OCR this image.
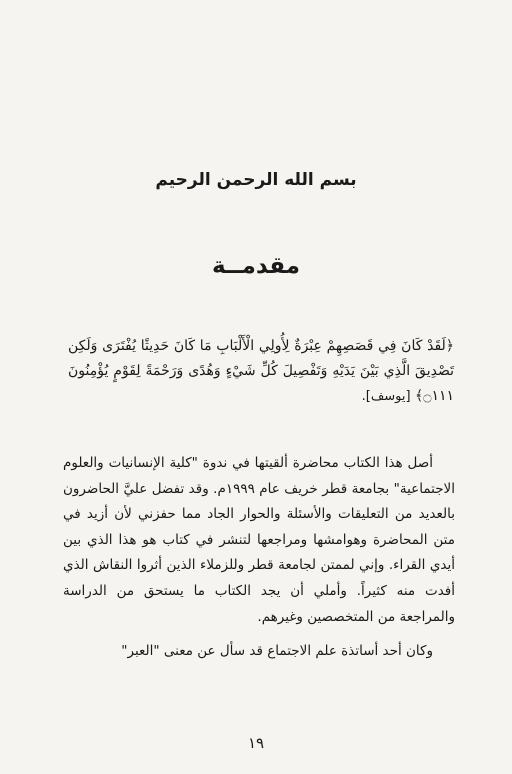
بسم الله الرحمن الرحيم
مقدمــة
﴿لَقَدْ كَانَ فِي قَصَصِهِمْ عِبْرَةٌ لِأُولِي الْأَلْبَابِ مَا كَانَ حَدِيثًا يُفْتَرَى وَلَكِن تَصْدِيقَ الَّذِي بَيْنَ يَدَيْهِ وَتَفْصِيلَ كُلِّ شَيْءٍ وَهُدًى وَرَحْمَةً لِقَوْمٍ يُؤْمِنُونَ ۝١١١﴾ [يوسف].

أصل هذا الكتاب محاضرة ألقيتها في ندوة "كلية الإنسانيات والعلوم الاجتماعية" بجامعة قطر خريف عام ١٩٩٩م. وقد تفضل عليَّ الحاضرون بالعديد من التعليقات والأسئلة والحوار الجاد مما حفزني لأن أزيد في متن المحاضرة وهوامشها ومراجعها لتنشر في كتاب هو هذا الذي بين أيدي القراء. وإني لممتن لجامعة قطر وللزملاء الذين أثروا النقاش الذي أفدت منه كثيراً. وأملي أن يجد الكتاب ما يستحق من الدراسة والمراجعة من المتخصصين وغيرهم.

وكان أحد أساتذة علم الاجتماع قد سأل عن معنى "العبر"

١٩
